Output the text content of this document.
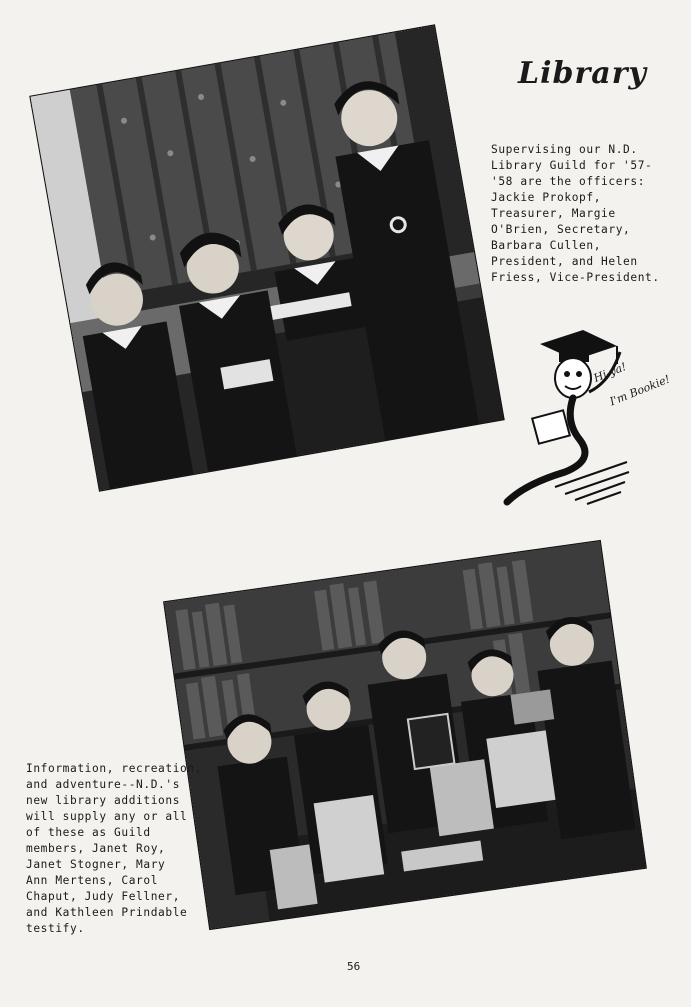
Library
Supervising our N.D.
Library Guild for '57-
'58 are the officers:
Jackie Prokopf,
Treasurer, Margie
O'Brien, Secretary,
Barbara Cullen,
President, and Helen
Friess, Vice-President.
Hi-ya!
I'm Bookie!
Information, recreation,
and adventure--N.D.'s
new library additions
will supply any or all
of these as Guild
members, Janet Roy,
Janet Stogner, Mary
Ann Mertens, Carol
Chaput, Judy Fellner,
and Kathleen Prindable
testify.
56
